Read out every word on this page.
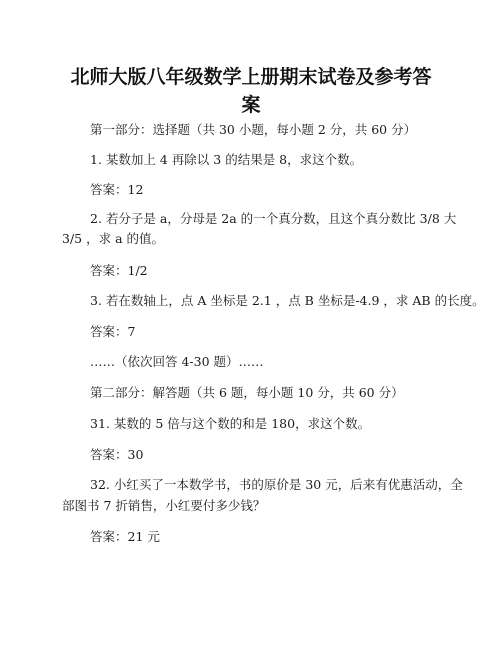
北师大版八年级数学上册期末试卷及参考答
案

第一部分：选择题（共 30 小题，每小题 2 分，共 60 分）

1. 某数加上 4 再除以 3 的结果是 8，求这个数。

答案：12

2. 若分子是 a，分母是 2a 的一个真分数，且这个真分数比 3/8 大

3/5 ，求 a 的值。

答案：1/2

3. 若在数轴上，点 A 坐标是 2.1 ，点 B 坐标是-4.9 ，求 AB 的长度。

答案：7

……（依次回答 4-30 题）……

第二部分：解答题（共 6 题，每小题 10 分，共 60 分）

31. 某数的 5 倍与这个数的和是 180，求这个数。

答案：30

32. 小红买了一本数学书，书的原价是 30 元，后来有优惠活动，全

部图书 7 折销售，小红要付多少钱？

答案：21 元
